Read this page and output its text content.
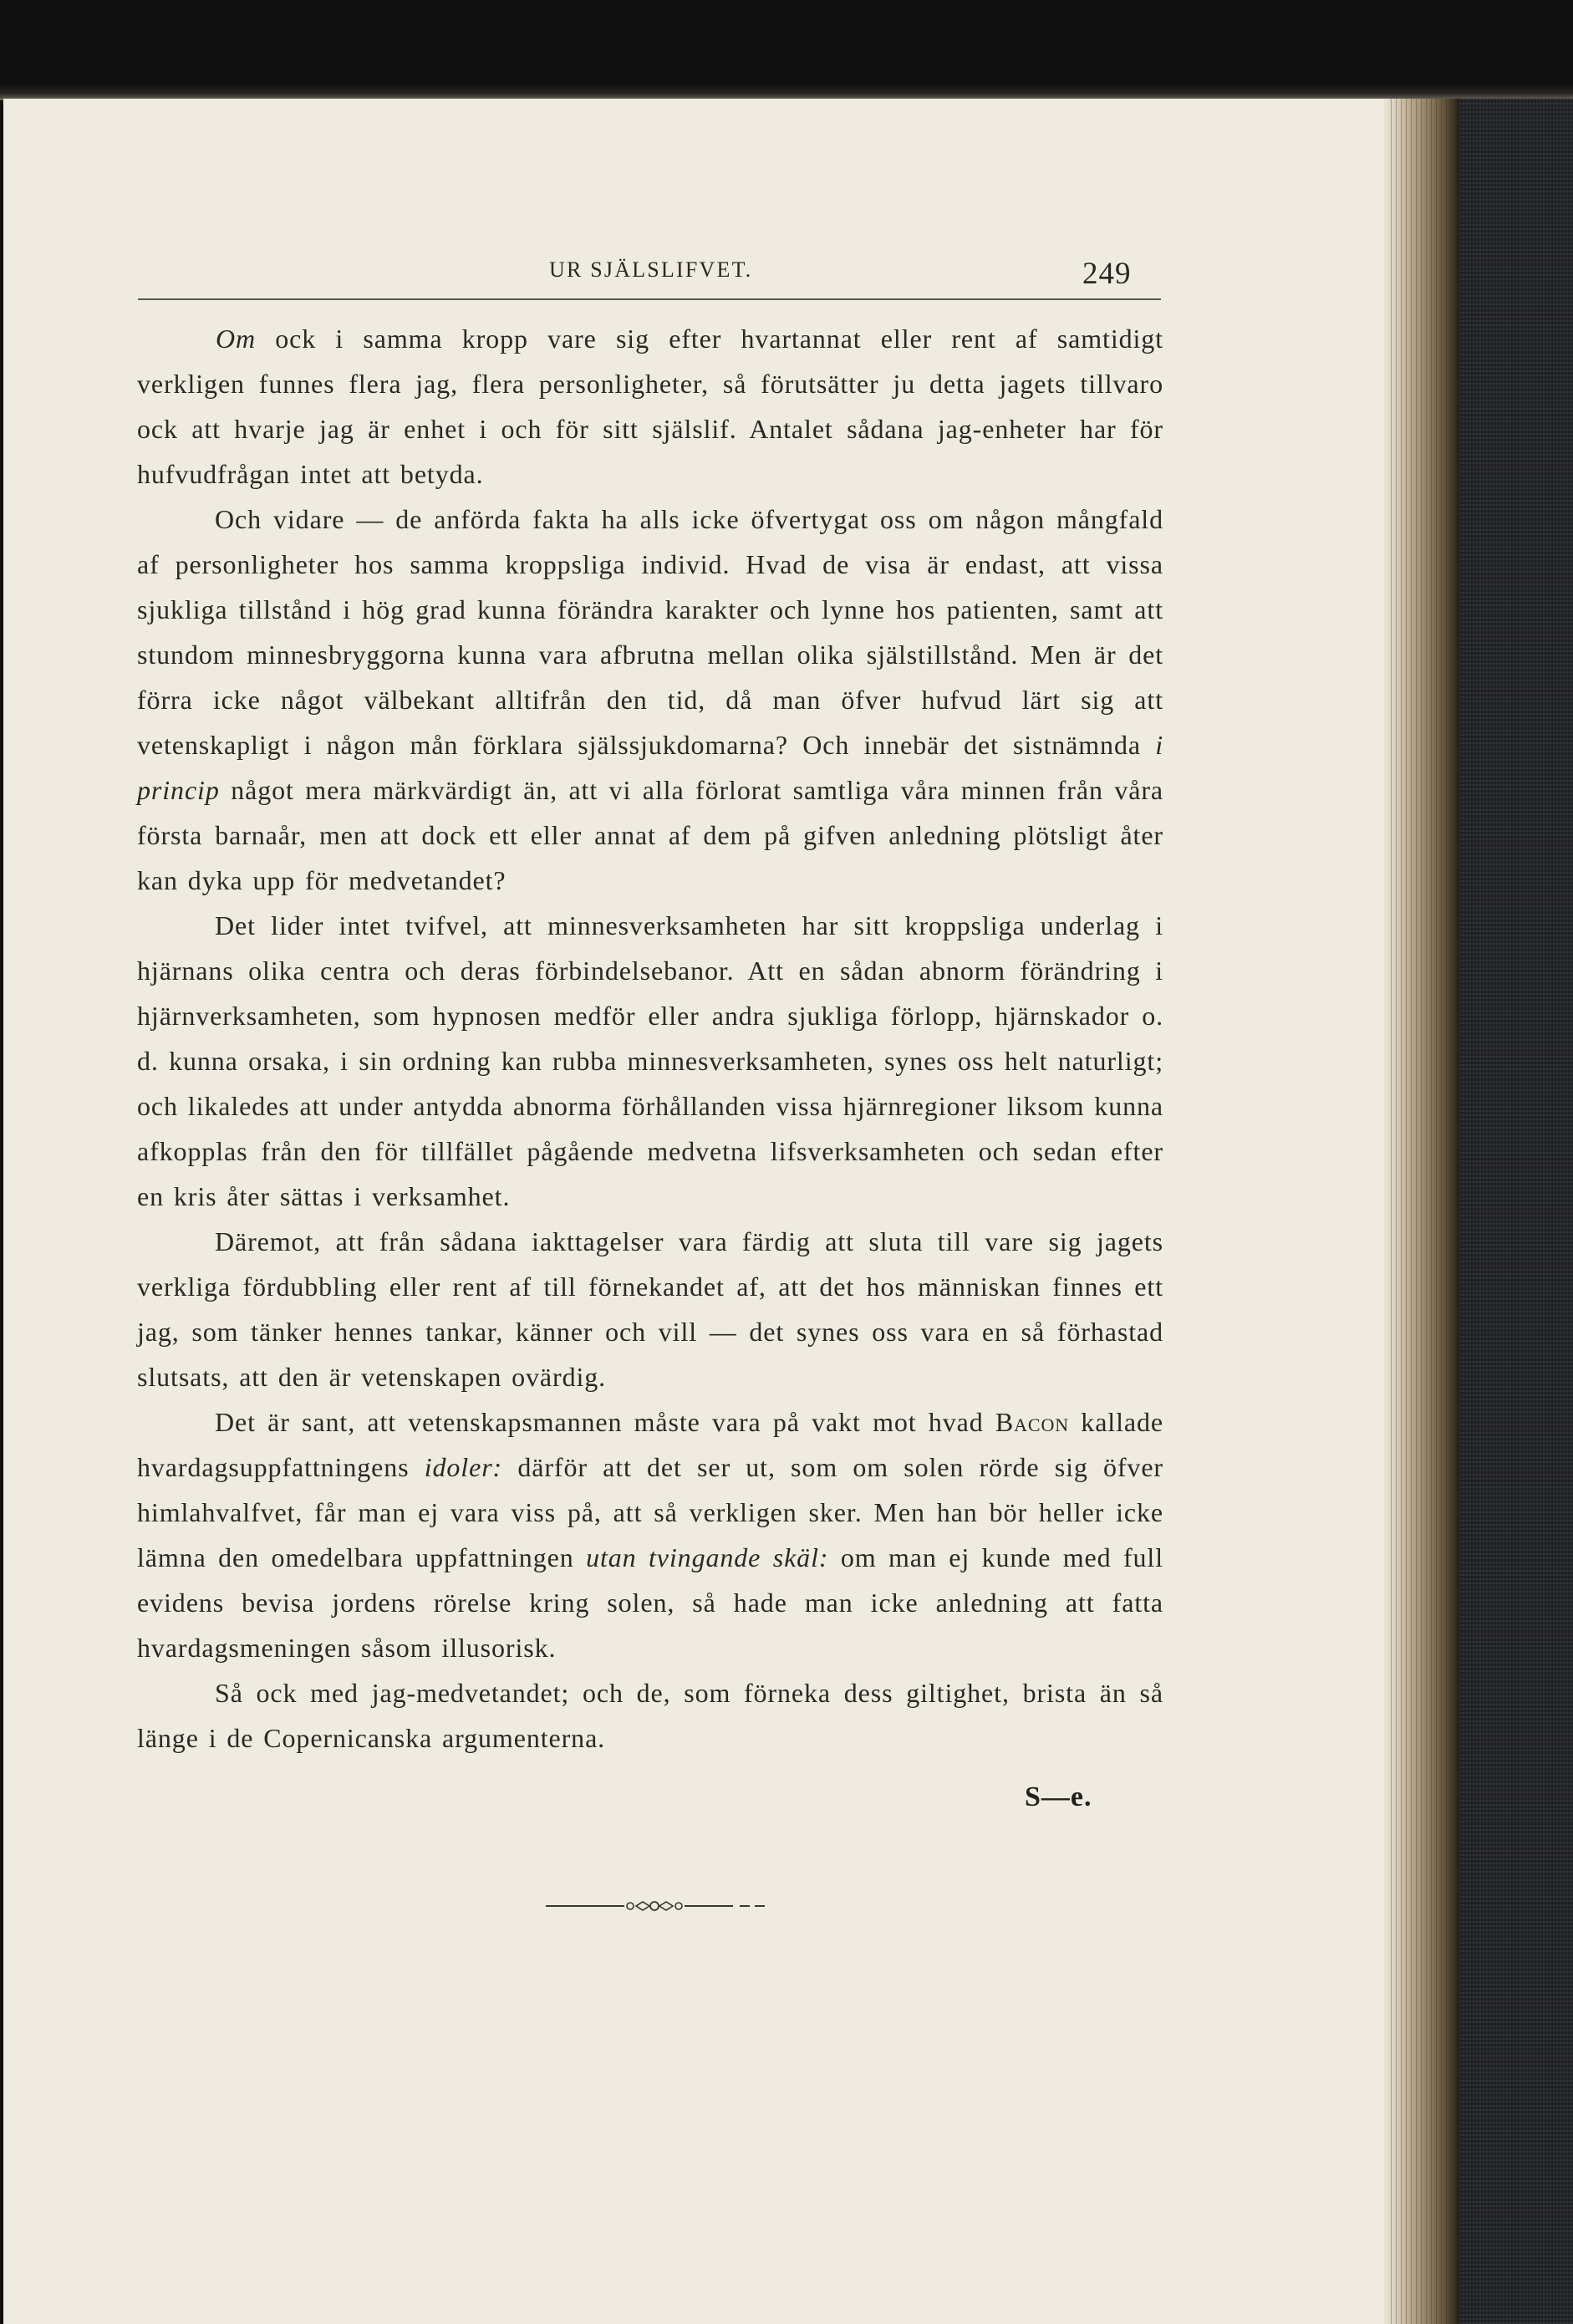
UR SJÄLSLIFVET.	249

Om ock i samma kropp vare sig efter hvartannat eller rent af samtidigt verkligen funnes flera jag, flera personligheter, så förutsätter ju detta jagets tillvaro ock att hvarje jag är enhet i och för sitt själslif. Antalet sådana jag-enheter har för hufvudfrågan intet att betyda.

Och vidare — de anförda fakta ha alls icke öfvertygat oss om någon mångfald af personligheter hos samma kroppsliga individ. Hvad de visa är endast, att vissa sjukliga tillstånd i hög grad kunna förändra karakter och lynne hos patienten, samt att stundom minnesbryggorna kunna vara afbrutna mellan olika själstillstånd. Men är det förra icke något välbekant alltifrån den tid, då man öfver hufvud lärt sig att vetenskapligt i någon mån förklara själssjukdomarna? Och innebär det sistnämnda i princip något mera märkvärdigt än, att vi alla förlorat samtliga våra minnen från våra första barnaår, men att dock ett eller annat af dem på gifven anledning plötsligt åter kan dyka upp för medvetandet?

Det lider intet tvifvel, att minnesverksamheten har sitt kroppsliga underlag i hjärnans olika centra och deras förbindelsebanor. Att en sådan abnorm förändring i hjärnverksamheten, som hypnosen medför eller andra sjukliga förlopp, hjärnskador o. d. kunna orsaka, i sin ordning kan rubba minnesverksamheten, synes oss helt naturligt; och likaledes att under antydda abnorma förhållanden vissa hjärnregioner liksom kunna afkopplas från den för tillfället pågående medvetna lifsverksamheten och sedan efter en kris åter sättas i verksamhet.

Däremot, att från sådana iakttagelser vara färdig att sluta till vare sig jagets verkliga fördubbling eller rent af till förnekandet af, att det hos människan finnes ett jag, som tänker hennes tankar, känner och vill — det synes oss vara en så förhastad slutsats, att den är vetenskapen ovärdig.

Det är sant, att vetenskapsmannen måste vara på vakt mot hvad Bacon kallade hvardagsuppfattningens idoler: därför att det ser ut, som om solen rörde sig öfver himlahvalfvet, får man ej vara viss på, att så verkligen sker. Men han bör heller icke lämna den omedelbara uppfattningen utan tvingande skäl: om man ej kunde med full evidens bevisa jordens rörelse kring solen, så hade man icke anledning att fatta hvardagsmeningen såsom illusorisk.

Så ock med jag-medvetandet; och de, som förneka dess giltighet, brista än så länge i de Copernicanska argumenterna.

S—e.
